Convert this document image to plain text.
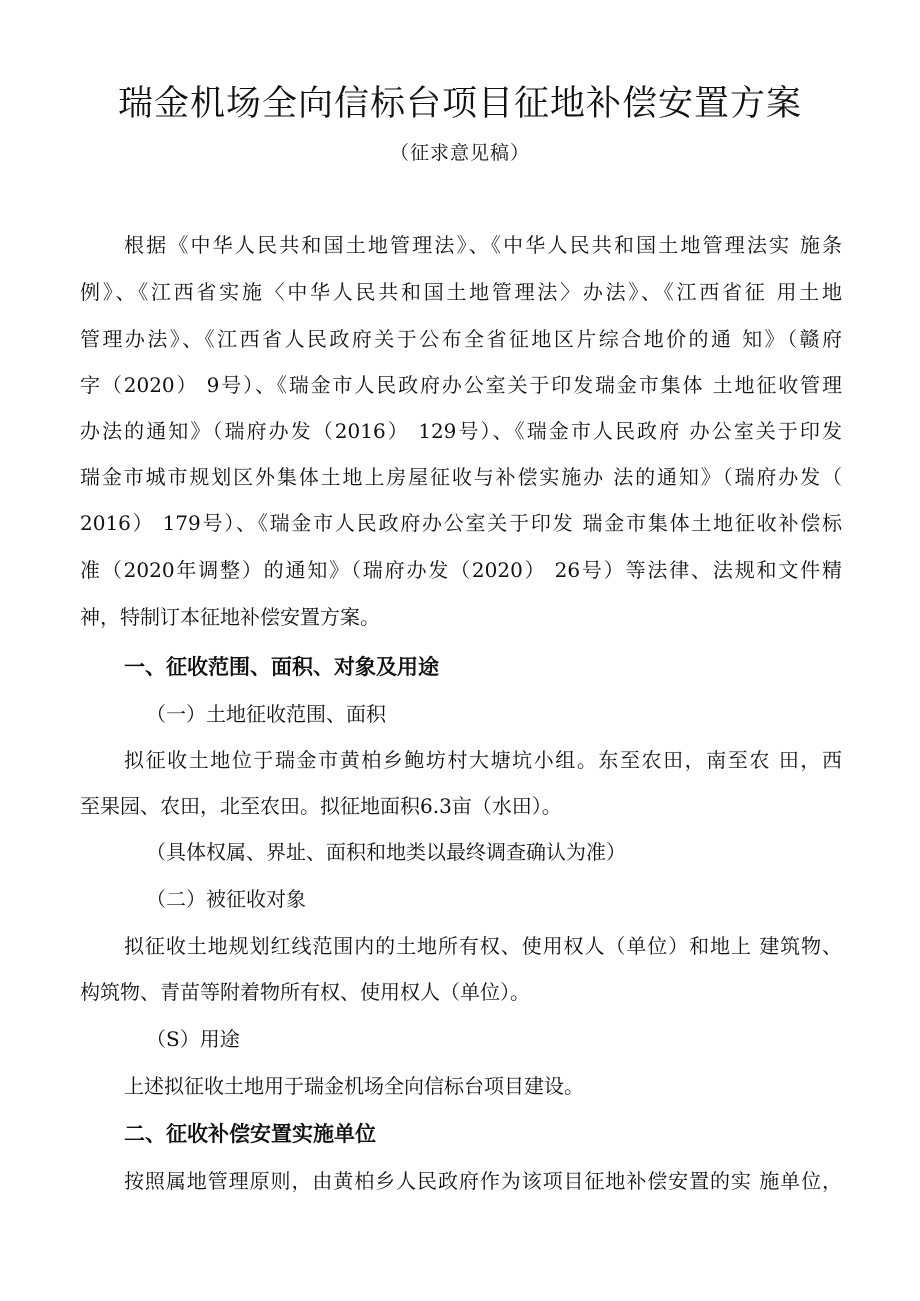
瑞金机场全向信标台项目征地补偿安置方案
（征求意见稿）
根据《中华人民共和国土地管理法》、《中华人民共和国土地管理法实 施条
例》、《江西省实施〈中华人民共和国土地管理法〉办法》、《江西省征 用土地
管理办法》、《江西省人民政府关于公布全省征地区片综合地价的通 知》（赣府
字（2020） 9号）、《瑞金市人民政府办公室关于印发瑞金市集体 土地征收管理
办法的通知》（瑞府办发（2016） 129号）、《瑞金市人民政府 办公室关于印发
瑞金市城市规划区外集体土地上房屋征收与补偿实施办 法的通知》（瑞府办发（
2016） 179号）、《瑞金市人民政府办公室关于印发 瑞金市集体土地征收补偿标
准（2020年调整）的通知》（瑞府办发（2020） 26号）等法律、法规和文件精
神，特制订本征地补偿安置方案。
一、征收范围、面积、对象及用途
（一）土地征收范围、面积
拟征收土地位于瑞金市黄柏乡鲍坊村大塘坑小组。东至农田，南至农 田，西
至果园、农田，北至农田。拟征地面积6.3亩（水田）。
（具体权属、界址、面积和地类以最终调查确认为准）
（二）被征收对象
拟征收土地规划红线范围内的土地所有权、使用权人（单位）和地上 建筑物、
构筑物、青苗等附着物所有权、使用权人（单位）。
（S）用途
上述拟征收土地用于瑞金机场全向信标台项目建设。
二、征收补偿安置实施单位
按照属地管理原则，由黄柏乡人民政府作为该项目征地补偿安置的实 施单位，
